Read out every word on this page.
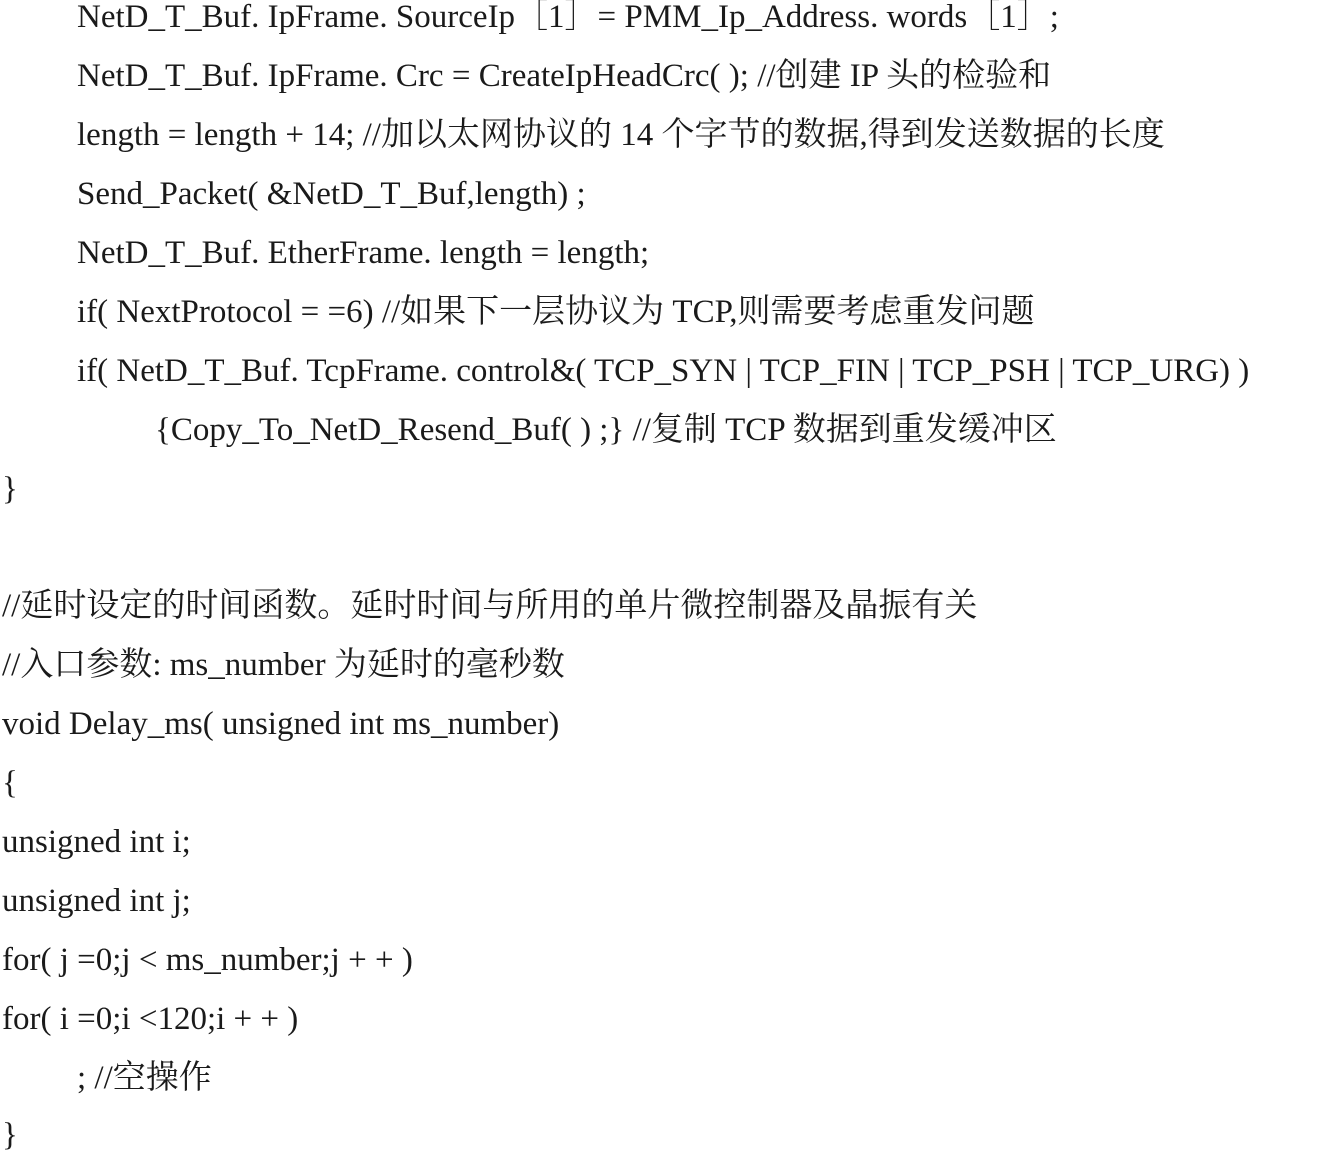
NetD_T_Buf. IpFrame. SourceIp［1］= PMM_Ip_Address. words［1］;
NetD_T_Buf. IpFrame. Crc = CreateIpHeadCrc( ); //创建 IP 头的检验和
length = length + 14; //加以太网协议的 14 个字节的数据,得到发送数据的长度
Send_Packet( &NetD_T_Buf,length) ;
NetD_T_Buf. EtherFrame. length = length;
if( NextProtocol = =6) //如果下一层协议为 TCP,则需要考虑重发问题
if( NetD_T_Buf. TcpFrame. control&( TCP_SYN | TCP_FIN | TCP_PSH | TCP_URG) )
{Copy_To_NetD_Resend_Buf( ) ;} //复制 TCP 数据到重发缓冲区
}
//延时设定的时间函数。延时时间与所用的单片微控制器及晶振有关
//入口参数: ms_number 为延时的毫秒数
void Delay_ms( unsigned int ms_number)
{
unsigned int i;
unsigned int j;
for( j =0;j < ms_number;j + + )
for( i =0;i <120;i + + )
; //空操作
}
